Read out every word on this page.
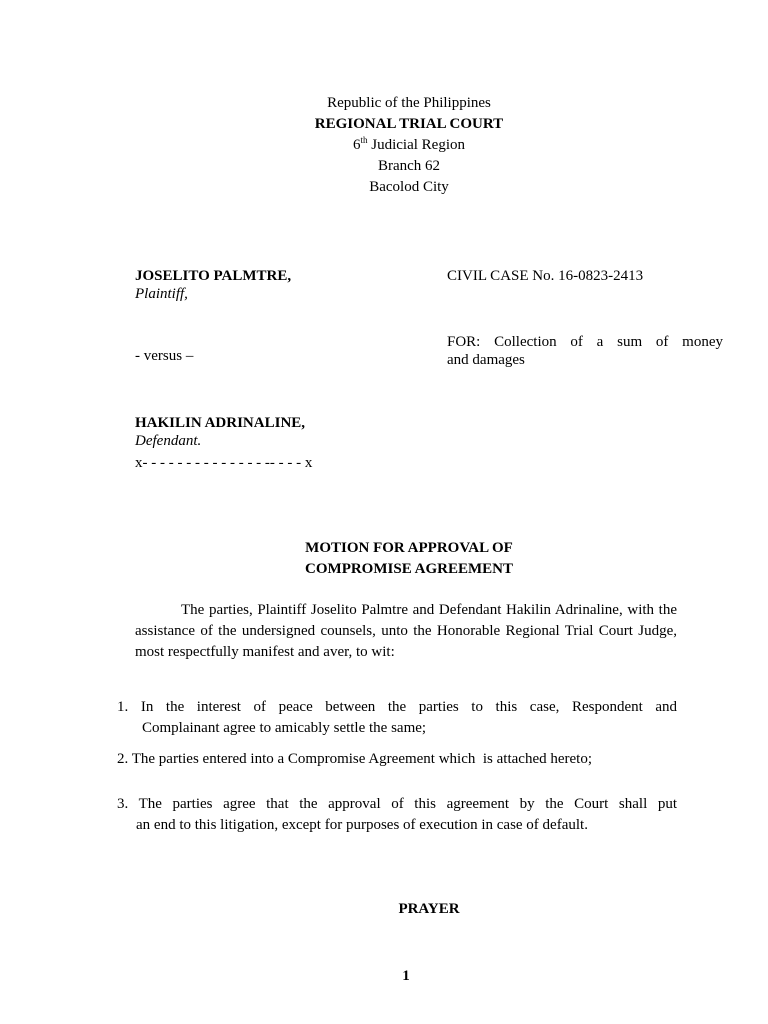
Republic of the Philippines
REGIONAL TRIAL COURT
6th Judicial Region
Branch 62
Bacolod City
JOSELITO PALMTRE,
Plaintiff,
CIVIL CASE No. 16-0823-2413
FOR: Collection of a sum of money
and damages
- versus –
HAKILIN ADRINALINE,
Defendant.
x- - - - - - - - - - - - - - -- - - - x
MOTION FOR APPROVAL OF
COMPROMISE AGREEMENT
The parties, Plaintiff Joselito Palmtre and Defendant Hakilin Adrinaline, with the assistance of the undersigned counsels, unto the Honorable Regional Trial Court Judge, most respectfully manifest and aver, to wit:
1. In the interest of peace between the parties to this case, Respondent and
Complainant agree to amicably settle the same;
2. The parties entered into a Compromise Agreement which  is attached hereto;
3. The parties agree that the approval of this agreement by the Court shall put
an end to this litigation, except for purposes of execution in case of default.
PRAYER
1
